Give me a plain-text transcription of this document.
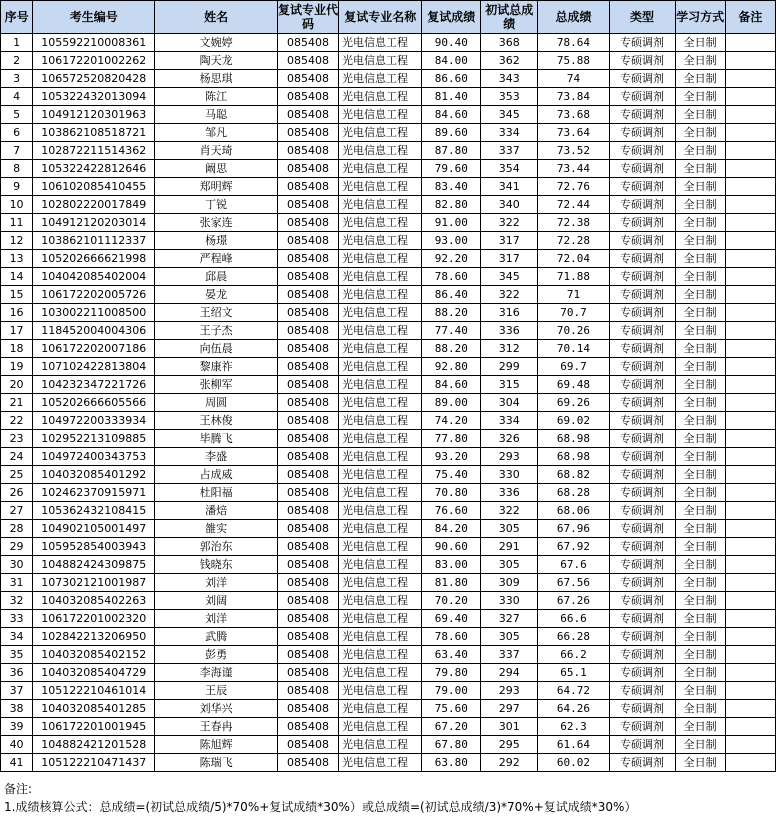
序号	考生编号	姓名	复试专业代码	复试专业名称	复试成绩	初试总成绩	总成绩	类型	学习方式	备注
1	105592210008361	文婉婷	085408	光电信息工程	90.40	368	78.64	专硕调剂	全日制	
2	106172201002262	陶天龙	085408	光电信息工程	84.00	362	75.88	专硕调剂	全日制	
3	106572520820428	杨思琪	085408	光电信息工程	86.60	343	74	专硕调剂	全日制	
4	105322432013094	陈江	085408	光电信息工程	81.40	353	73.84	专硕调剂	全日制	
5	104912120301963	马聪	085408	光电信息工程	84.60	345	73.68	专硕调剂	全日制	
6	103862108518721	邹凡	085408	光电信息工程	89.60	334	73.64	专硕调剂	全日制	
7	102872211514362	肖天琦	085408	光电信息工程	87.80	337	73.52	专硕调剂	全日制	
8	105322422812646	阚思	085408	光电信息工程	79.60	354	73.44	专硕调剂	全日制	
9	106102085410455	郑明辉	085408	光电信息工程	83.40	341	72.76	专硕调剂	全日制	
10	102802220017849	丁锐	085408	光电信息工程	82.80	340	72.44	专硕调剂	全日制	
11	104912120203014	张家连	085408	光电信息工程	91.00	322	72.38	专硕调剂	全日制	
12	103862101112337	杨璟	085408	光电信息工程	93.00	317	72.28	专硕调剂	全日制	
13	105202666621998	严程峰	085408	光电信息工程	92.20	317	72.04	专硕调剂	全日制	
14	104042085402004	邱晨	085408	光电信息工程	78.60	345	71.88	专硕调剂	全日制	
15	106172202005726	晏龙	085408	光电信息工程	86.40	322	71	专硕调剂	全日制	
16	103002211008500	王绍文	085408	光电信息工程	88.20	316	70.7	专硕调剂	全日制	
17	118452004004306	王子杰	085408	光电信息工程	77.40	336	70.26	专硕调剂	全日制	
18	106172202007186	向伍晨	085408	光电信息工程	88.20	312	70.14	专硕调剂	全日制	
19	107102422813804	黎康祚	085408	光电信息工程	92.80	299	69.7	专硕调剂	全日制	
20	104232347221726	张柳军	085408	光电信息工程	84.60	315	69.48	专硕调剂	全日制	
21	105202666605566	周圆	085408	光电信息工程	89.00	304	69.26	专硕调剂	全日制	
22	104972200333934	王林俊	085408	光电信息工程	74.20	334	69.02	专硕调剂	全日制	
23	102952213109885	毕腾飞	085408	光电信息工程	77.80	326	68.98	专硕调剂	全日制	
24	104972400343753	李盛	085408	光电信息工程	93.20	293	68.98	专硕调剂	全日制	
25	104032085401292	占成威	085408	光电信息工程	75.40	330	68.82	专硕调剂	全日制	
26	102462370915971	杜阳福	085408	光电信息工程	70.80	336	68.28	专硕调剂	全日制	
27	105362432108415	潘焙	085408	光电信息工程	76.60	322	68.06	专硕调剂	全日制	
28	104902105001497	雒实	085408	光电信息工程	84.20	305	67.96	专硕调剂	全日制	
29	105952854003943	郭治东	085408	光电信息工程	90.60	291	67.92	专硕调剂	全日制	
30	104882424309875	钱晓东	085408	光电信息工程	83.00	305	67.6	专硕调剂	全日制	
31	107302121001987	刘洋	085408	光电信息工程	81.80	309	67.56	专硕调剂	全日制	
32	104032085402263	刘阔	085408	光电信息工程	70.20	330	67.26	专硕调剂	全日制	
33	106172201002320	刘洋	085408	光电信息工程	69.40	327	66.6	专硕调剂	全日制	
34	102842213206950	武腾	085408	光电信息工程	78.60	305	66.28	专硕调剂	全日制	
35	104032085402152	彭勇	085408	光电信息工程	63.40	337	66.2	专硕调剂	全日制	
36	104032085404729	李海谨	085408	光电信息工程	79.80	294	65.1	专硕调剂	全日制	
37	105122210461014	王辰	085408	光电信息工程	79.00	293	64.72	专硕调剂	全日制	
38	104032085401285	刘华兴	085408	光电信息工程	75.60	297	64.26	专硕调剂	全日制	
39	106172201001945	王春冉	085408	光电信息工程	67.20	301	62.3	专硕调剂	全日制	
40	104882421201528	陈旭辉	085408	光电信息工程	67.80	295	61.64	专硕调剂	全日制	
41	105122210471437	陈瑞飞	085408	光电信息工程	63.80	292	60.02	专硕调剂	全日制	
备注:
1.成绩核算公式：总成绩=(初试总成绩/5)*70%+复试成绩*30%）或总成绩=(初试总成绩/3)*70%+复试成绩*30%）
